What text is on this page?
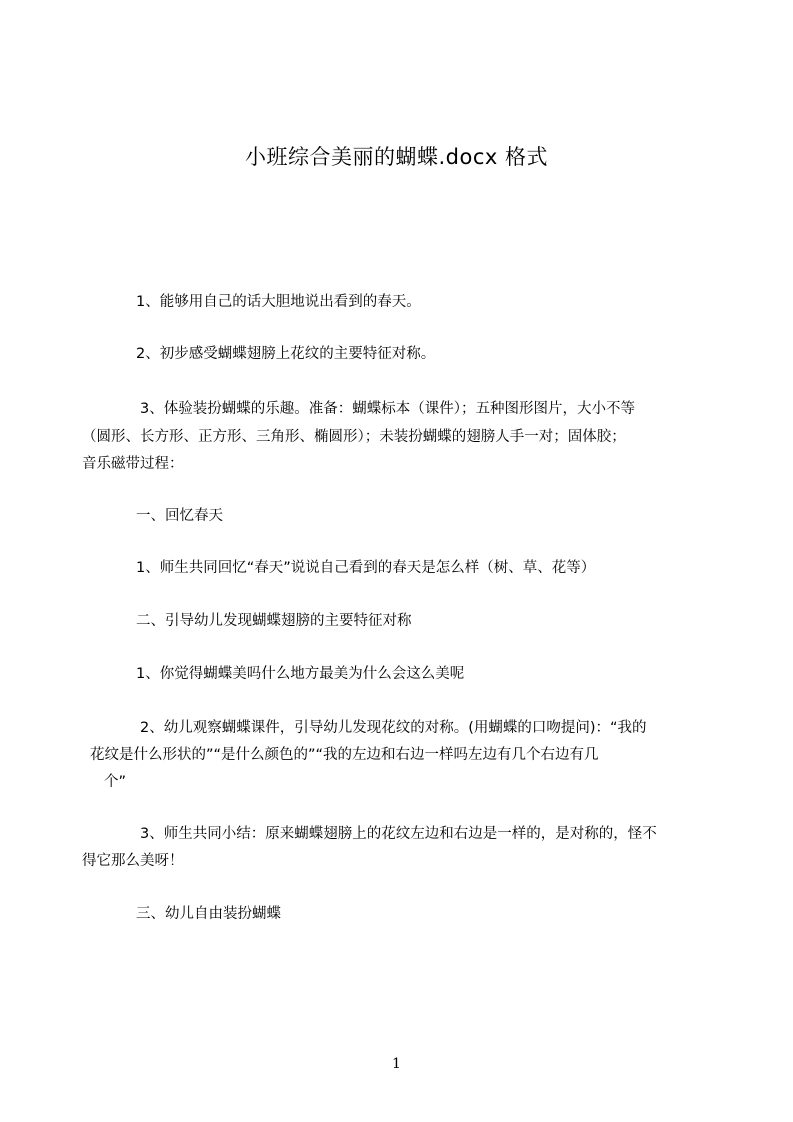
小班综合美丽的蝴蝶.docx 格式
1、能够用自己的话大胆地说出看到的春天。
2、初步感受蝴蝶翅膀上花纹的主要特征对称。
3、体验装扮蝴蝶的乐趣。准备：蝴蝶标本（课件）；五种图形图片，大小不等
（圆形、长方形、正方形、三角形、椭圆形）；未装扮蝴蝶的翅膀人手一对；固体胶；
音乐磁带过程：
一、回忆春天
1、师生共同回忆“春天”说说自己看到的春天是怎么样（树、草、花等）
二、引导幼儿发现蝴蝶翅膀的主要特征对称
1、你觉得蝴蝶美吗什么地方最美为什么会这么美呢
2、幼儿观察蝴蝶课件，引导幼儿发现花纹的对称。(用蝴蝶的口吻提问)：“我的
花纹是什么形状的”“是什么颜色的”“我的左边和右边一样吗左边有几个右边有几
个”
3、师生共同小结：原来蝴蝶翅膀上的花纹左边和右边是一样的，是对称的，怪不
得它那么美呀！
三、幼儿自由装扮蝴蝶
1
